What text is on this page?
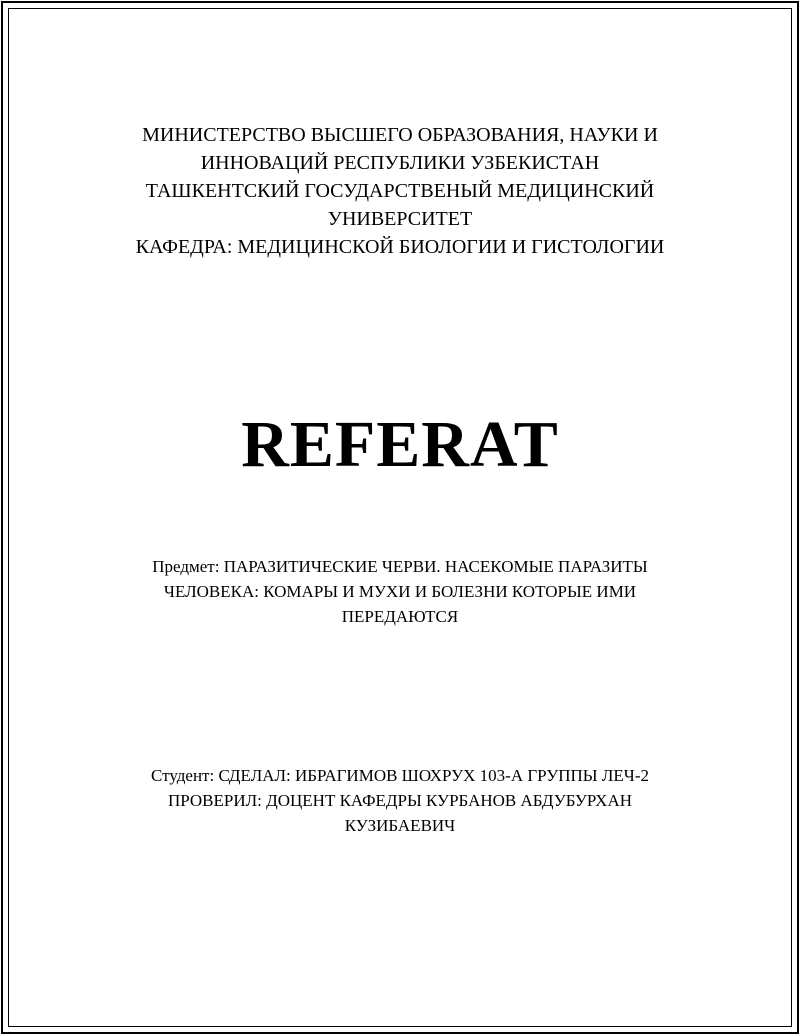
МИНИСТЕРСТВО ВЫСШЕГО ОБРАЗОВАНИЯ, НАУКИ И
ИННОВАЦИЙ РЕСПУБЛИКИ УЗБЕКИСТАН
ТАШКЕНТСКИЙ ГОСУДАРСТВЕНЫЙ МЕДИЦИНСКИЙ
УНИВЕРСИТЕТ
КАФЕДРА: МЕДИЦИНСКОЙ БИОЛОГИИ И ГИСТОЛОГИИ
REFERAT
Предмет: ПАРАЗИТИЧЕСКИЕ ЧЕРВИ. НАСЕКОМЫЕ ПАРАЗИТЫ
ЧЕЛОВЕКА: КОМАРЫ И МУХИ И БОЛЕЗНИ КОТОРЫЕ ИМИ
ПЕРЕДАЮТСЯ
Студент: СДЕЛАЛ: ИБРАГИМОВ ШОХРУХ 103-А ГРУППЫ ЛЕЧ-2
ПРОВЕРИЛ: ДОЦЕНТ КАФЕДРЫ КУРБАНОВ АБДУБУРХАН
КУЗИБАЕВИЧ
